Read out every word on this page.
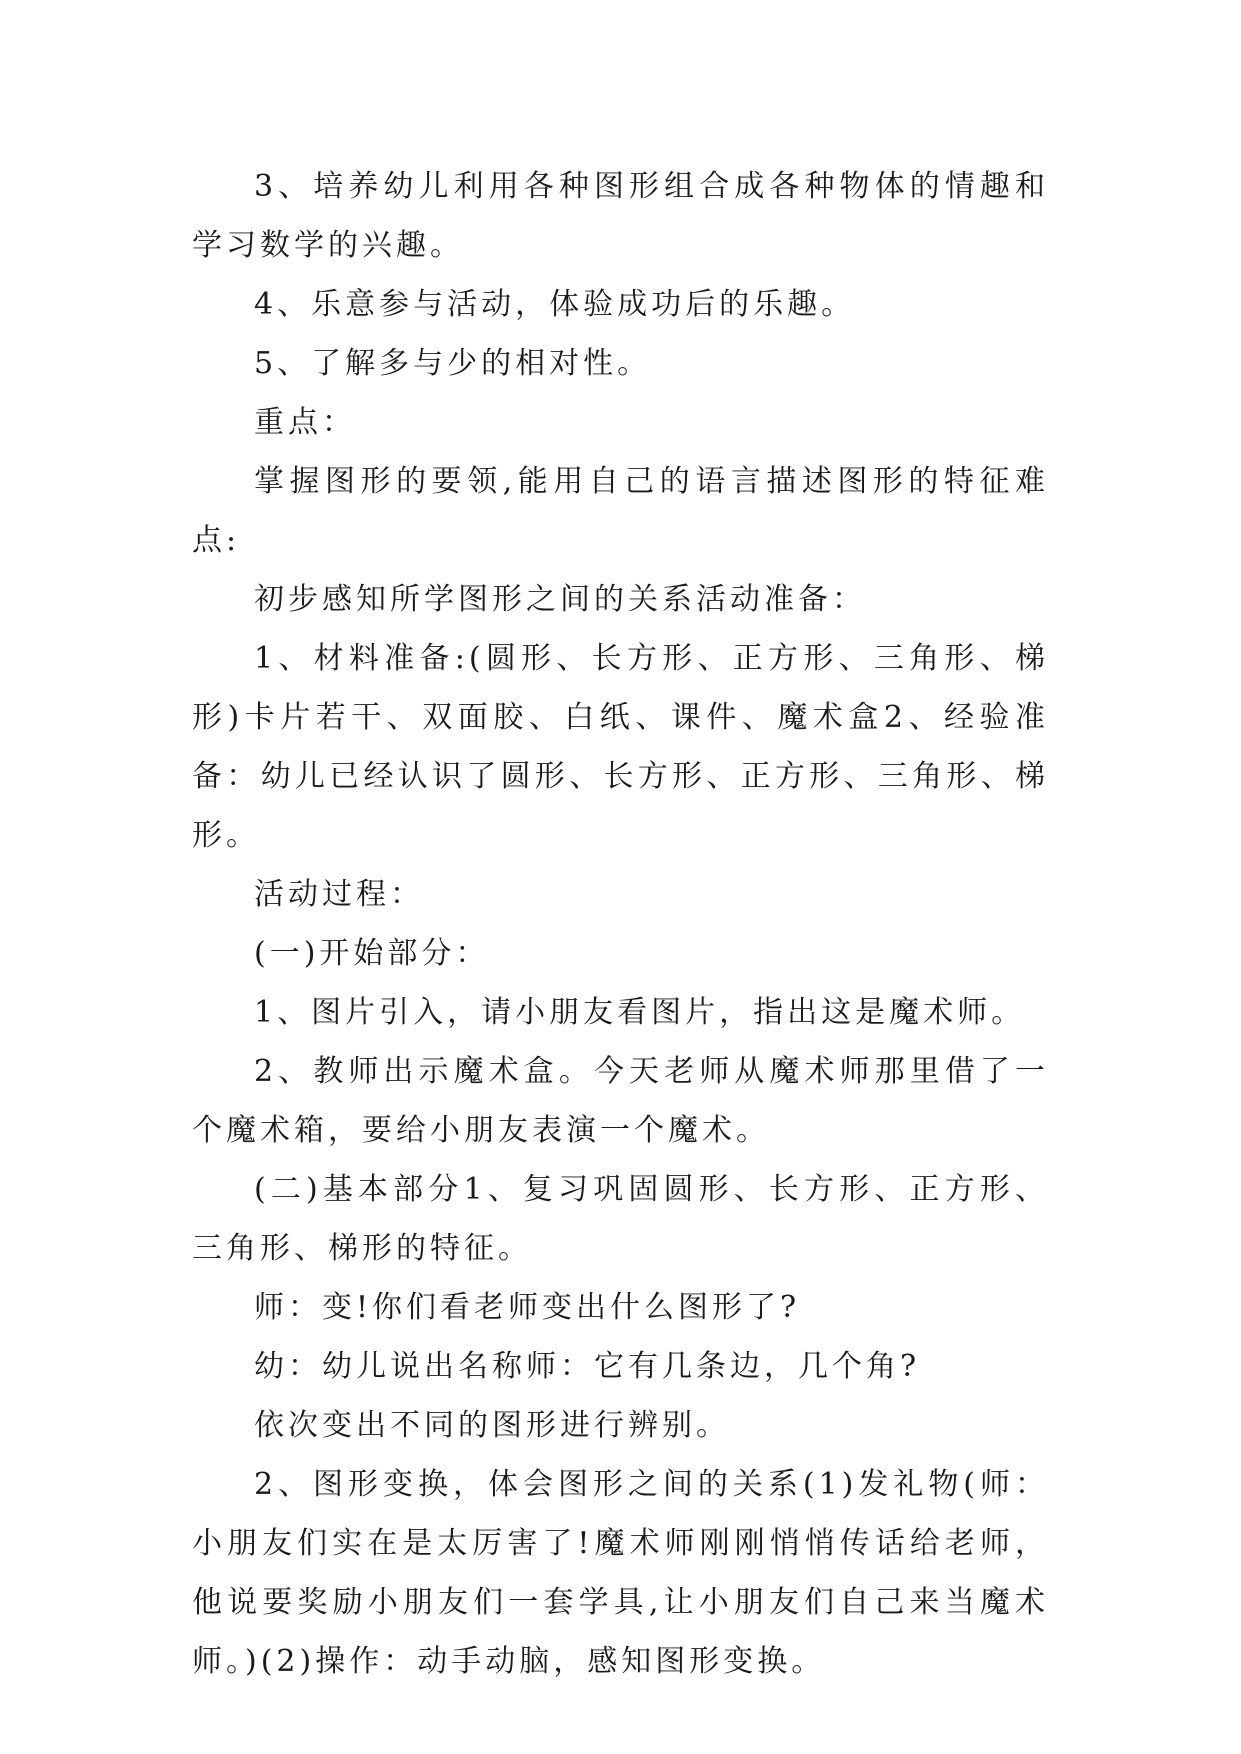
3、培养幼儿利用各种图形组合成各种物体的情趣和学习数学的兴趣。

4、乐意参与活动，体验成功后的乐趣。

5、了解多与少的相对性。

重点：

掌握图形的要领,能用自己的语言描述图形的特征难点:

初步感知所学图形之间的关系活动准备：

1、材料准备:(圆形、长方形、正方形、三角形、梯形)卡片若干、双面胶、白纸、课件、魔术盒2、经验准备：幼儿已经认识了圆形、长方形、正方形、三角形、梯形。

活动过程：

(一)开始部分：

1、图片引入，请小朋友看图片，指出这是魔术师。

2、教师出示魔术盒。今天老师从魔术师那里借了一个魔术箱，要给小朋友表演一个魔术。

(二)基本部分1、复习巩固圆形、长方形、正方形、三角形、梯形的特征。

师：变!你们看老师变出什么图形了?

幼：幼儿说出名称师：它有几条边，几个角?

依次变出不同的图形进行辨别。

2、图形变换，体会图形之间的关系(1)发礼物(师：小朋友们实在是太厉害了!魔术师刚刚悄悄传话给老师，他说要奖励小朋友们一套学具,让小朋友们自己来当魔术师。)(2)操作：动手动脑，感知图形变换。
